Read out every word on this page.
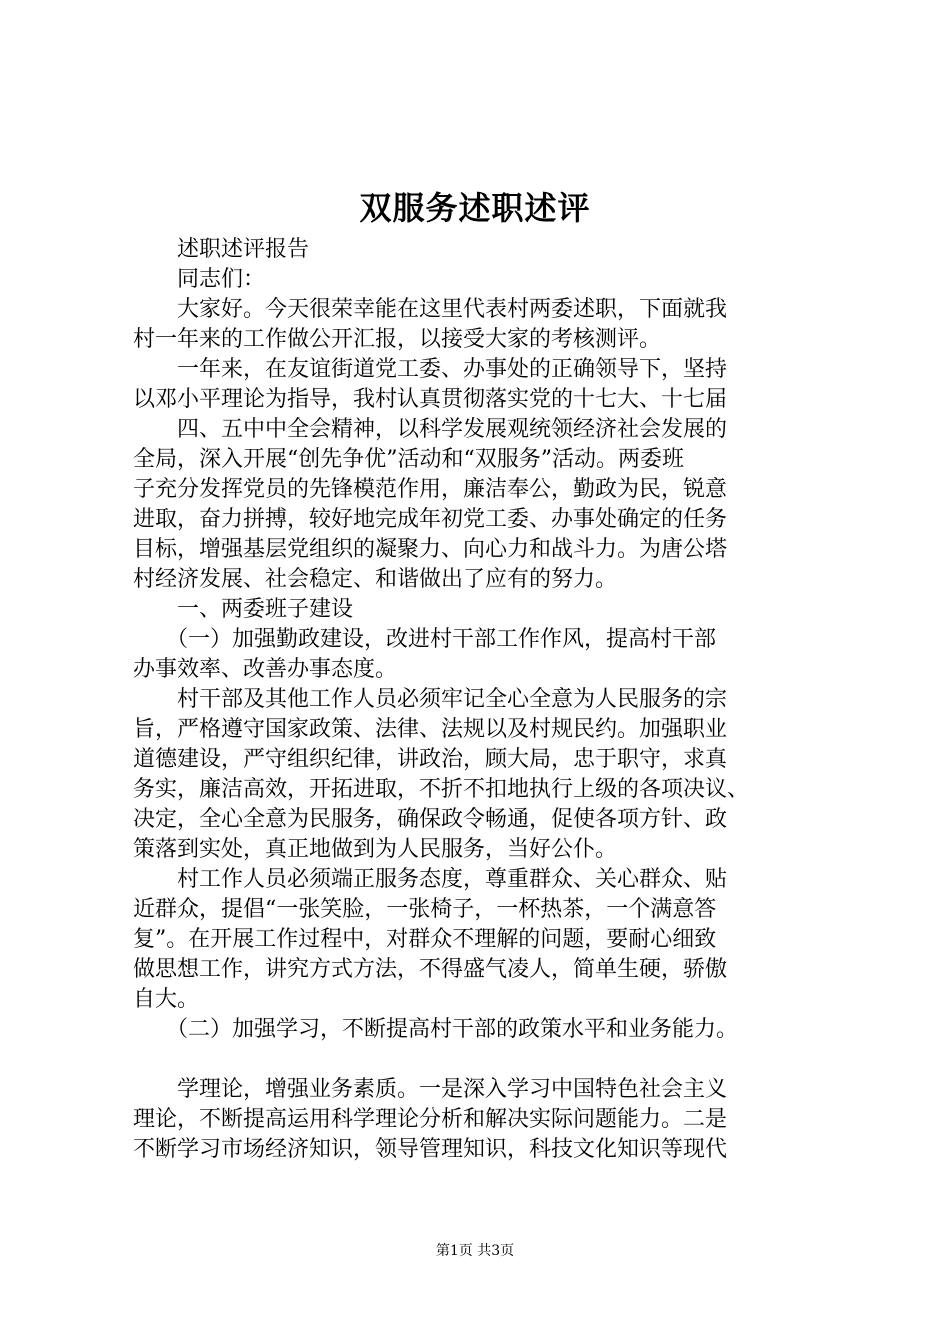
双服务述职述评
　　述职述评报告
　　同志们：
　　大家好。今天很荣幸能在这里代表村两委述职，下面就我
村一年来的工作做公开汇报，以接受大家的考核测评。
　　一年来，在友谊街道党工委、办事处的正确领导下，坚持
以邓小平理论为指导，我村认真贯彻落实党的十七大、十七届
　　四、五中中全会精神，以科学发展观统领经济社会发展的
全局，深入开展“创先争优”活动和“双服务”活动。两委班
子充分发挥党员的先锋模范作用，廉洁奉公，勤政为民，锐意
进取，奋力拼搏，较好地完成年初党工委、办事处确定的任务
目标，增强基层党组织的凝聚力、向心力和战斗力。为唐公塔
村经济发展、社会稳定、和谐做出了应有的努力。
　　一、两委班子建设
　　（一）加强勤政建设，改进村干部工作作风，提高村干部
办事效率、改善办事态度。
　　村干部及其他工作人员必须牢记全心全意为人民服务的宗
旨，严格遵守国家政策、法律、法规以及村规民约。加强职业
道德建设，严守组织纪律，讲政治，顾大局，忠于职守，求真
务实，廉洁高效，开拓进取，不折不扣地执行上级的各项决议、
决定，全心全意为民服务，确保政令畅通，促使各项方针、政
策落到实处，真正地做到为人民服务，当好公仆。
　　村工作人员必须端正服务态度，尊重群众、关心群众、贴
近群众，提倡“一张笑脸，一张椅子，一杯热茶，一个满意答
复”。在开展工作过程中，对群众不理解的问题，要耐心细致
做思想工作，讲究方式方法，不得盛气凌人，简单生硬，骄傲
自大。
　　（二）加强学习，不断提高村干部的政策水平和业务能力。
　　学理论，增强业务素质。一是深入学习中国特色社会主义
理论，不断提高运用科学理论分析和解决实际问题能力。二是
不断学习市场经济知识，领导管理知识，科技文化知识等现代
第1页 共3页
